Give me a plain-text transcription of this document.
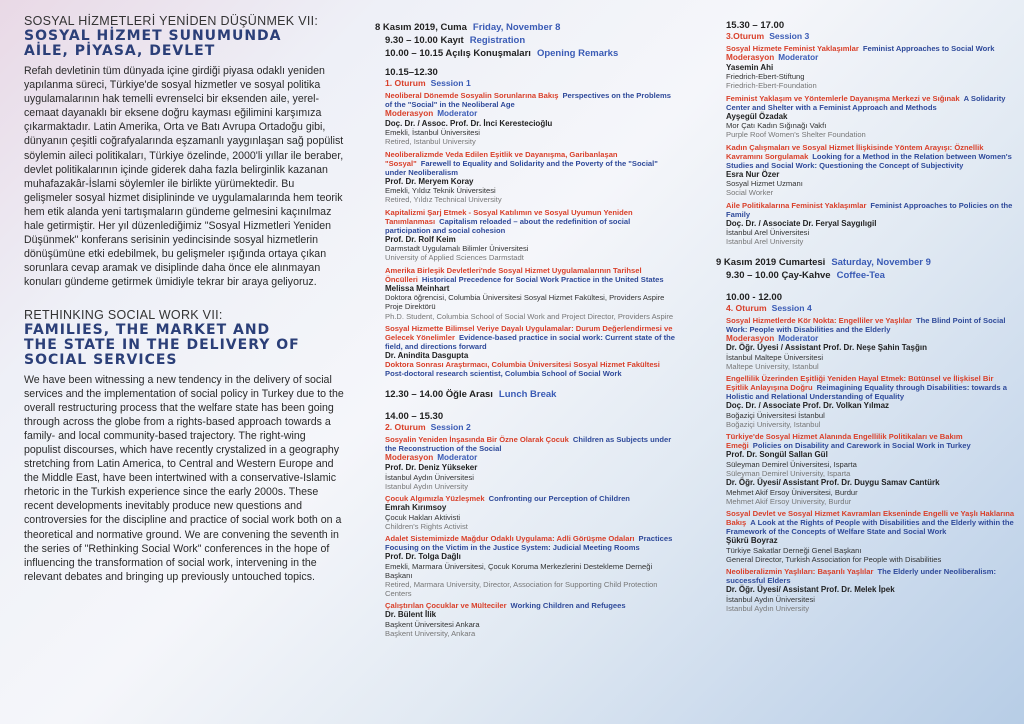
SOSYAL HİZMETLERİ YENİDEN DÜŞÜNMEK VII:
SOSYAL HİZMET SUNUMUNDA
AİLE, PİYASA, DEVLET

Refah devletinin tüm dünyada içine girdiği piyasa odaklı yeniden yapılanma süreci, Türkiye'de sosyal hizmetler ve sosyal politika uygulamalarının hak temelli evrenselci bir eksenden aile, yerel-cemaat dayanaklı bir eksene doğru kayması eğilimini karşımıza çıkarmaktadır. Latin Amerika, Orta ve Batı Avrupa Ortadoğu gibi, dünyanın çeşitli coğrafyalarında eşzamanlı yaygınlaşan sağ popülist söylemin aileci politikaları, Türkiye özelinde, 2000'li yıllar ile beraber, devlet politikalarının içinde giderek daha fazla belirginlik kazanan muhafazakâr-İslami söylemler ile birlikte yürümektedir. Bu gelişmeler sosyal hizmet disiplininde ve uygulamalarında hem teorik hem etik alanda yeni tartışmaların gündeme gelmesini kaçınılmaz hale getirmiştir. Her yıl düzenlediğimiz "Sosyal Hizmetleri Yeniden Düşünmek" konferans serisinin yedincisinde sosyal hizmetlerin dönüşümüne etki edebilmek, bu gelişmeler ışığında ortaya çıkan sorunlara cevap aramak ve disiplinde daha önce ele alınmayan konuları gündeme getirmek ümidiyle tekrar bir araya geliyoruz.

RETHINKING SOCIAL WORK VII:
FAMILIES, THE MARKET AND
THE STATE IN THE DELIVERY OF
SOCIAL SERVICES

We have been witnessing a new tendency in the delivery of social services and the implementation of social policy in Turkey due to the overall restructuring process that the welfare state has been going through across the globe from a rights-based approach towards a family- and local community-based trajectory. The right-wing populist discourses, which have recently crystalized in a geography stretching from Latin America, to Central and Western Europe and the Middle East, have been intertwined with a conservative-Islamic rhetoric in the Turkish experience since the early 2000s. These recent developments inevitably produce new questions and controversies for the discipline and practice of social work both on a theoretical and normative ground. We are convening the seventh in the series of "Rethinking Social Work" conferences in the hope of influencing the transformation of social work, intervening in the relevant debates and bringing up previously untouched topics.

8 Kasım 2019, Cuma Friday, November 8
9.30 – 10.00 Kayıt Registration
10.00 – 10.15 Açılış Konuşmaları Opening Remarks
10.15–12.30
1. Oturum Session 1
Neoliberal Dönemde Sosyalin Sorunlarına Bakış Perspectives on the Problems of the "Social" in the Neoliberal Age
Moderasyon Moderator
Doç. Dr. / Assoc. Prof. Dr. İnci Kerestecioğlu
Emekli, İstanbul Üniversitesi
Retired, Istanbul University
Neoliberalizmde Veda Edilen Eşitlik ve Dayanışma, Garibanlaşan "Sosyal" Farewell to Equality and Solidarity and the Poverty of the "Social" under Neoliberalism
Prof. Dr. Meryem Koray
Emekli, Yıldız Teknik Üniversitesi
Retired, Yıldız Technical University
Kapitalizmi Şarj Etmek - Sosyal Katılımın ve Sosyal Uyumun Yeniden Tanımlanması Capitalism reloaded – about the redefinition of social participation and social cohesion
Prof. Dr. Rolf Keim
Darmstadt Uygulamalı Bilimler Üniversitesi
University of Applied Sciences Darmstadt
Amerika Birleşik Devletleri'nde Sosyal Hizmet Uygulamalarının Tarihsel Öncülleri Historical Precedence for Social Work Practice in the United States
Melissa Meinhart
Doktora öğrencisi, Columbia Üniversitesi Sosyal Hizmet Fakültesi, Providers Aspire Proje Direktörü
Ph.D. Student, Columbia School of Social Work and Project Director, Providers Aspire
Sosyal Hizmette Bilimsel Veriye Dayalı Uygulamalar: Durum Değerlendirmesi ve Gelecek Yönelimler Evidence-based practice in social work: Current state of the field, and directions forward
Dr. Anindita Dasgupta
Doktora Sonrası Araştırmacı, Columbia Üniversitesi Sosyal Hizmet Fakültesi
Post-doctoral research scientist, Columbia School of Social Work
12.30 – 14.00 Öğle Arası Lunch Break
14.00 – 15.30
2. Oturum Session 2
Sosyalin Yeniden İnşasında Bir Özne Olarak Çocuk Children as Subjects under the Reconstruction of the Social
Moderasyon Moderator
Prof. Dr. Deniz Yükseker
İstanbul Aydın Üniversitesi
Istanbul Aydın University
Çocuk Algımızla Yüzleşmek Confronting our Perception of Children
Emrah Kırımsoy
Çocuk Hakları Aktivisti
Children's Rights Activist
Adalet Sistemimizde Mağdur Odaklı Uygulama: Adli Görüşme Odaları Practices Focusing on the Victim in the Justice System: Judicial Meeting Rooms
Prof. Dr. Tolga Dağlı
Emekli, Marmara Üniversitesi, Çocuk Koruma Merkezlerini Destekleme Derneği Başkanı
Retired, Marmara University, Director, Association for Supporting Child Protection Centers
Çalıştırılan Çocuklar ve Mülteciler Working Children and Refugees
Dr. Bülent İlik
Başkent Üniversitesi Ankara
Başkent University, Ankara
15.30 – 17.00
3.Oturum Session 3
Sosyal Hizmete Feminist Yaklaşımlar Feminist Approaches to Social Work
Moderasyon Moderator
Yasemin Ahi
Friedrich-Ebert-Stiftung
Friedrich-Ebert-Foundation
Feminist Yaklaşım ve Yöntemlerle Dayanışma Merkezi ve Sığınak A Solidarity Center and Shelter with a Feminist Approach and Methods
Ayşegül Özadak
Mor Çatı Kadın Sığınağı Vakfı
Purple Roof Women's Shelter Foundation
Kadın Çalışmaları ve Sosyal Hizmet İlişkisinde Yöntem Arayışı: Öznellik Kavramını Sorgulamak Looking for a Method in the Relation between Women's Studies and Social Work: Questioning the Concept of Subjectivity
Esra Nur Özer
Sosyal Hizmet Uzmanı
Social Worker
Aile Politikalarına Feminist Yaklaşımlar Feminist Approaches to Policies on the Family
Doç. Dr. / Associate Dr. Feryal Saygılıgil
İstanbul Arel Üniversitesi
Istanbul Arel University
9 Kasım 2019 Cumartesi Saturday, November 9
9.30 – 10.00 Çay-Kahve Coffee-Tea
10.00 - 12.00
4. Oturum Session 4
Sosyal Hizmetlerde Kör Nokta: Engelliler ve Yaşlılar The Blind Point of Social Work: People with Disabilities and the Elderly
Moderasyon Moderator
Dr. Öğr. Üyesi / Assistant Prof. Dr. Neşe Şahin Taşğın
İstanbul Maltepe Üniversitesi
Maltepe University, Istanbul
Engellilik Üzerinden Eşitliği Yeniden Hayal Etmek: Bütünsel ve İlişkisel Bir Eşitlik Anlayışına Doğru Reimagining Equality through Disabilities: towards a Holistic and Relational Understanding of Equality
Doç. Dr. / Associate Prof. Dr. Volkan Yılmaz
Boğaziçi Üniversitesi İstanbul
Boğaziçi University, Istanbul
Türkiye'de Sosyal Hizmet Alanında Engellilik Politikaları ve Bakım Emeği Policies on Disability and Carework in Social Work in Turkey
Prof. Dr. Songül Sallan Gül
Süleyman Demirel Üniversitesi, Isparta
Süleyman Demirel University, Isparta
Dr. Öğr. Üyesi/ Assistant Prof. Dr. Duygu Samav Cantürk
Mehmet Akif Ersoy Üniversitesi, Burdur
Mehmet Akif Ersoy University, Burdur
Sosyal Devlet ve Sosyal Hizmet Kavramları Ekseninde Engelli ve Yaşlı Haklarına Bakış A Look at the Rights of People with Disabilities and the Elderly within the Framework of the Concepts of Welfare State and Social Work
Şükrü Boyraz
Türkiye Sakatlar Derneği Genel Başkanı
General Director, Turkish Association for People with Disabilities
Neoliberalizmin Yaşlıları: Başarılı Yaşlılar The Elderly under Neoliberalism: successful Elders
Dr. Öğr. Üyesi/ Assistant Prof. Dr. Melek İpek
İstanbul Aydın Üniversitesi
Istanbul Aydın University
